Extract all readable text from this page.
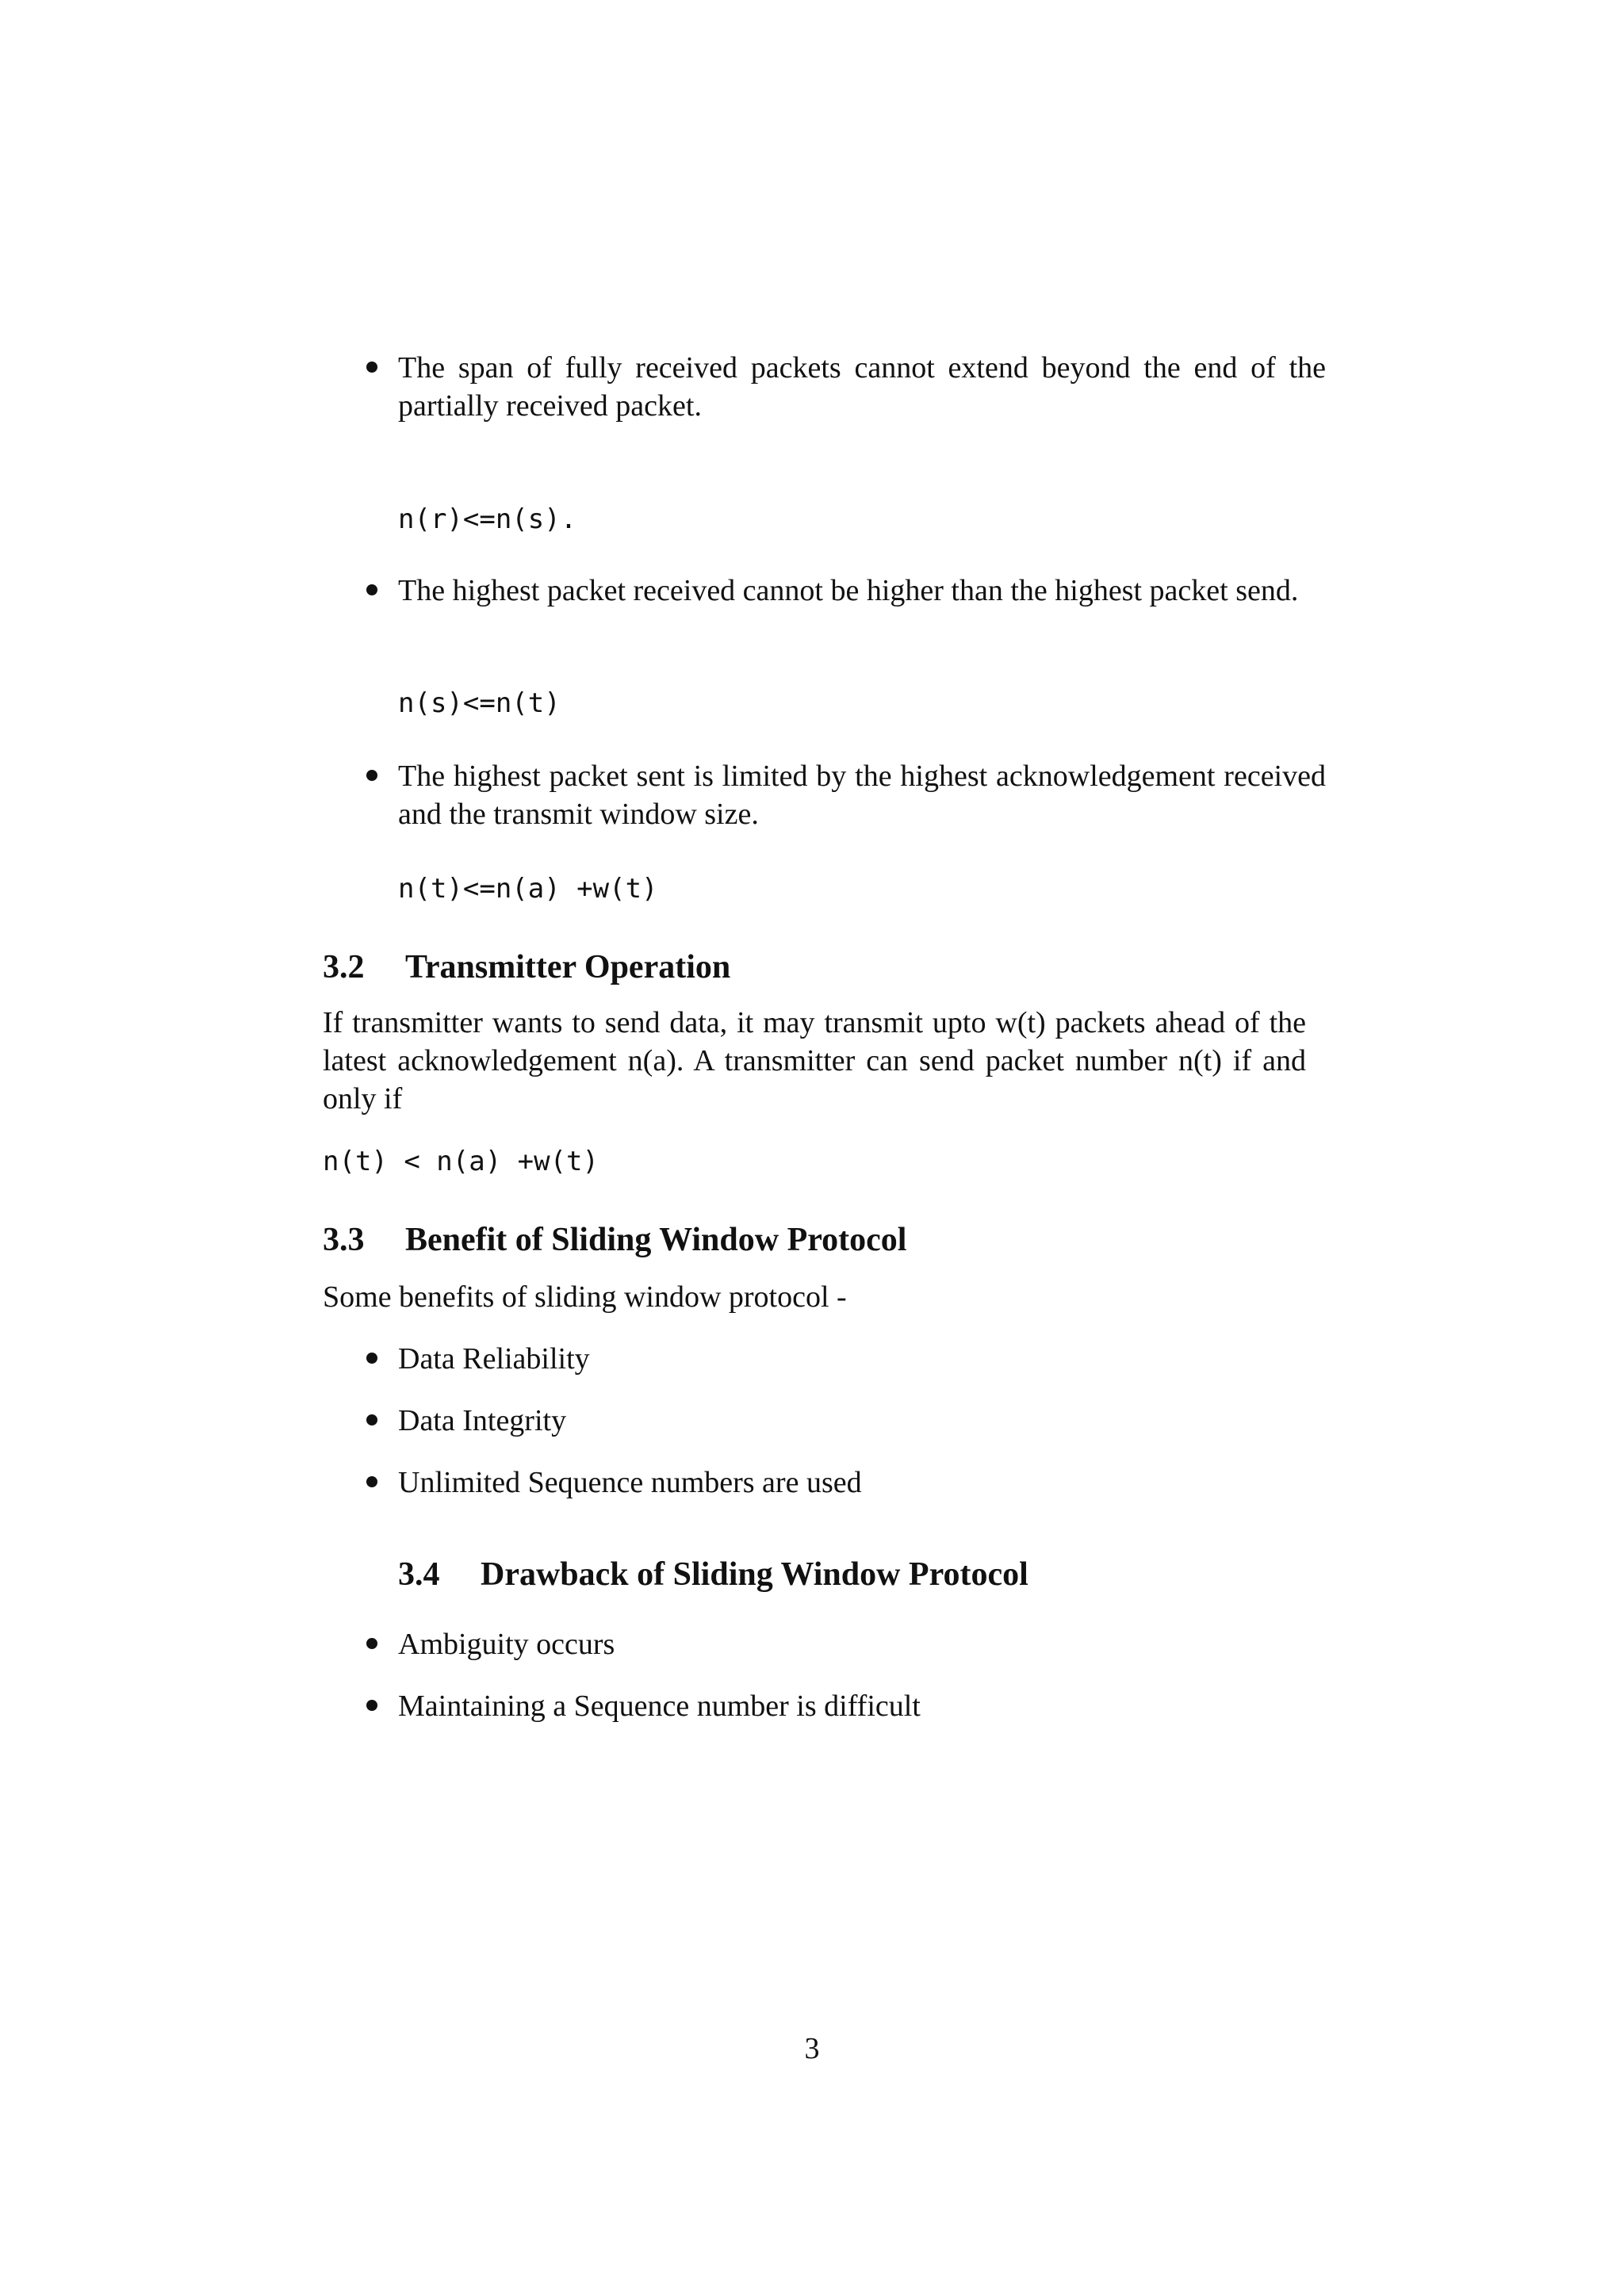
The span of fully received packets cannot extend beyond the end of the partially received packet.
n(r)<=n(s).
The highest packet received cannot be higher than the highest packet send.
n(s)<=n(t)
The highest packet sent is limited by the highest acknowledgement received and the transmit window size.
n(t)<=n(a) +w(t)
3.2 Transmitter Operation
If transmitter wants to send data, it may transmit upto w(t) packets ahead of the latest acknowledgement n(a). A transmitter can send packet number n(t) if and only if
n(t) < n(a) +w(t)
3.3 Benefit of Sliding Window Protocol
Some benefits of sliding window protocol -
Data Reliability
Data Integrity
Unlimited Sequence numbers are used
3.4 Drawback of Sliding Window Protocol
Ambiguity occurs
Maintaining a Sequence number is difficult
3
